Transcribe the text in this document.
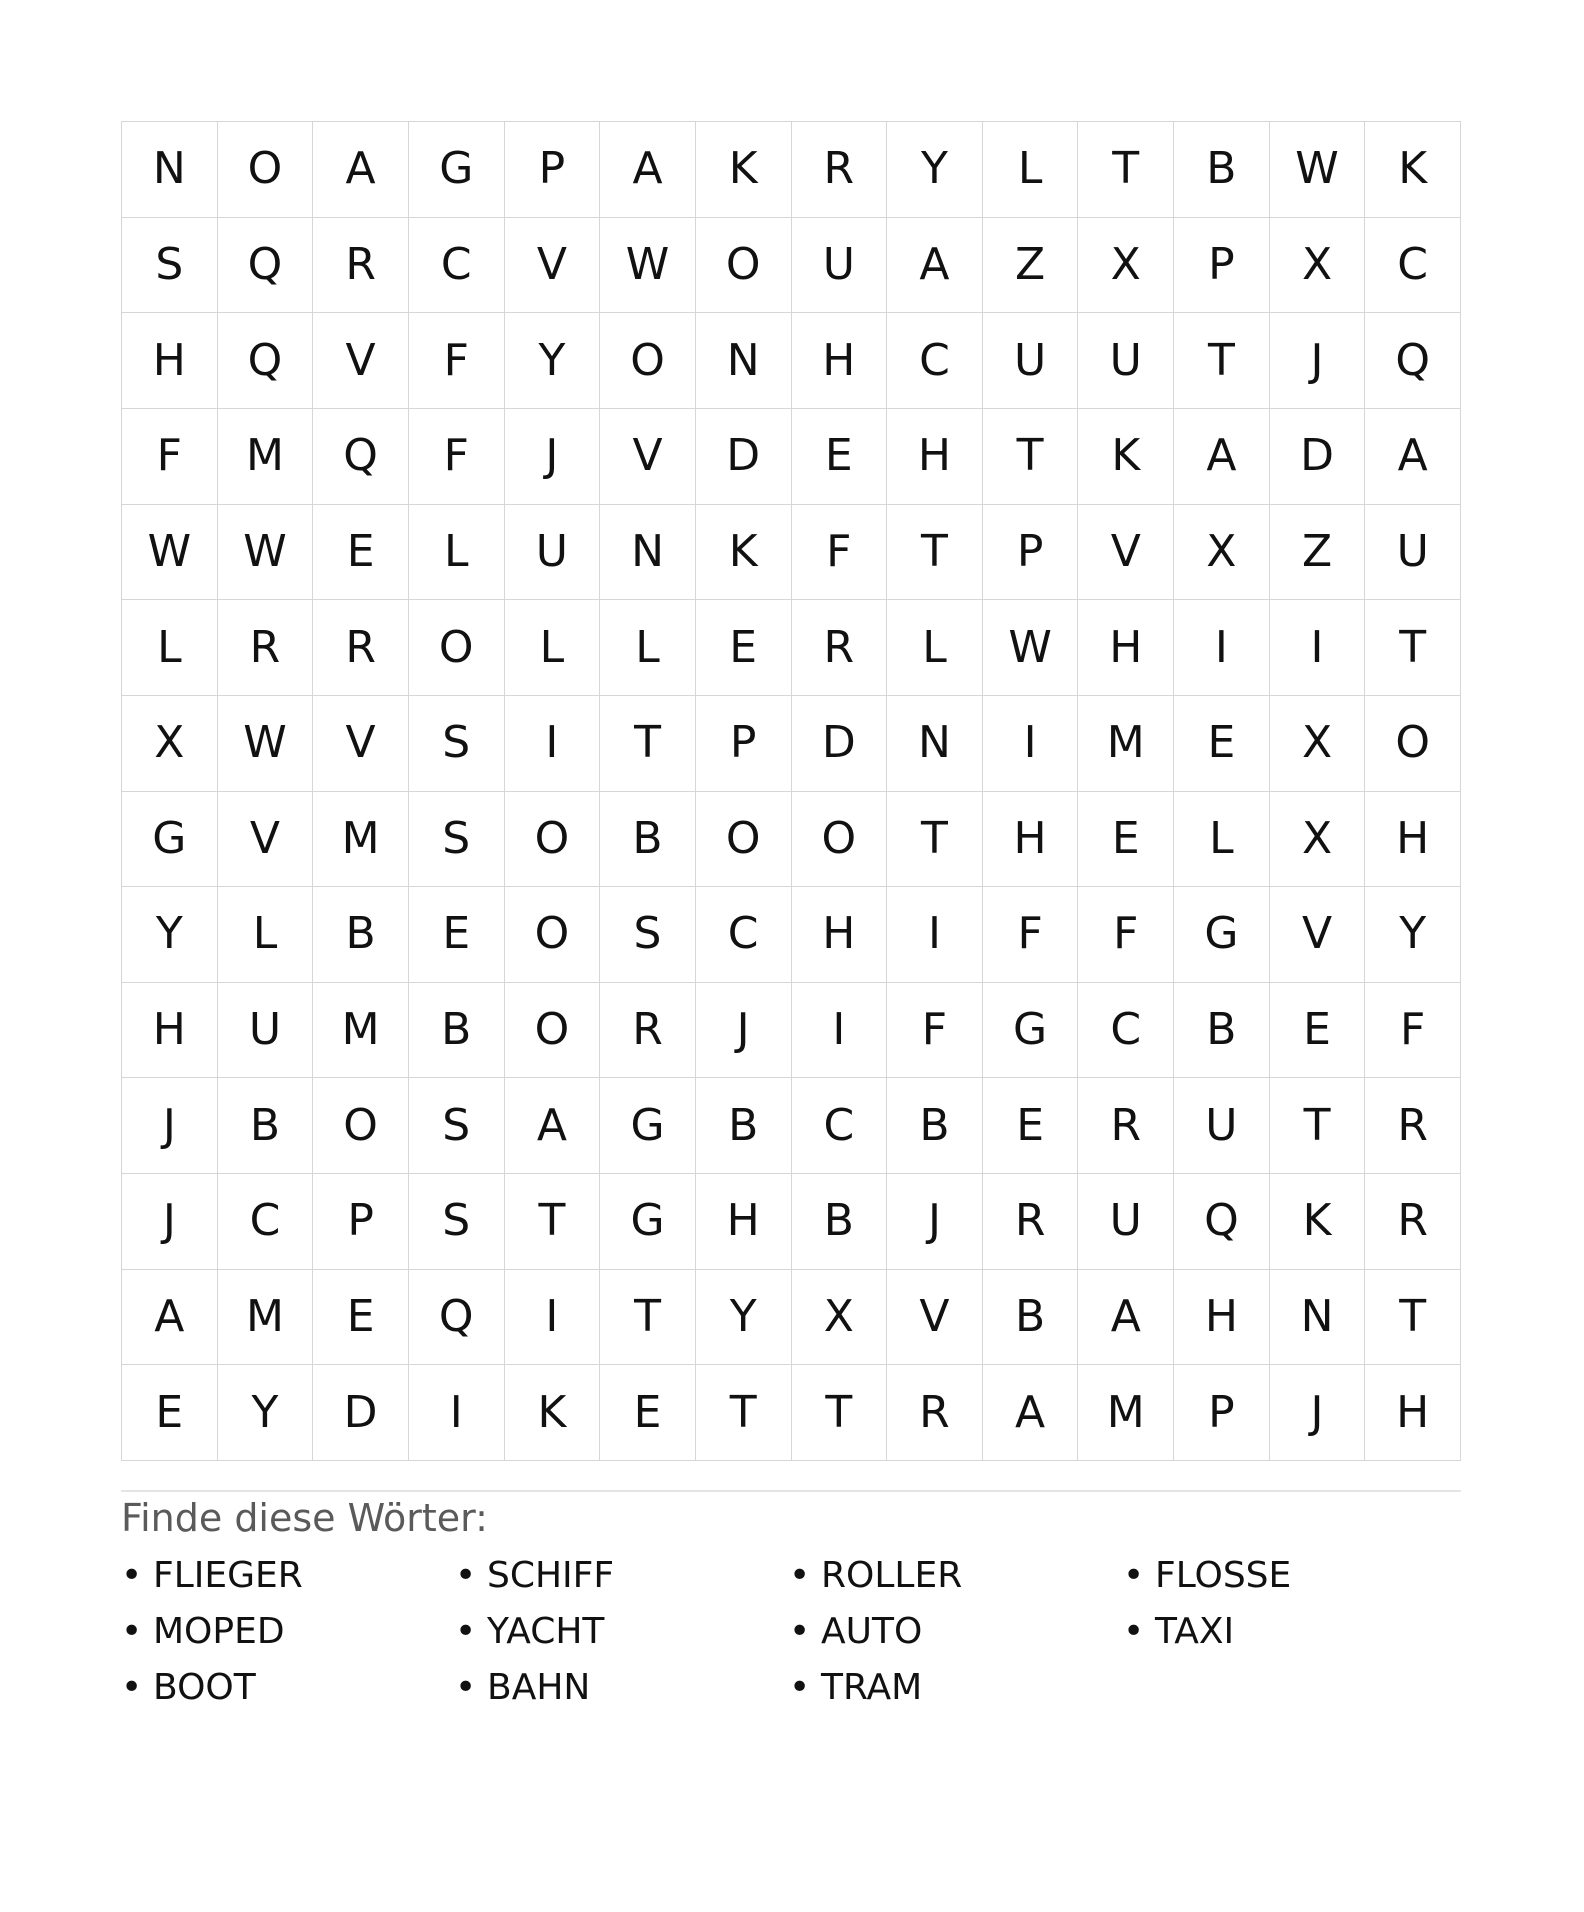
N	O	A	G	P	A	K	R	Y	L	T	B	W	K
S	Q	R	C	V	W	O	U	A	Z	X	P	X	C
H	Q	V	F	Y	O	N	H	C	U	U	T	J	Q
F	M	Q	F	J	V	D	E	H	T	K	A	D	A
W	W	E	L	U	N	K	F	T	P	V	X	Z	U
L	R	R	O	L	L	E	R	L	W	H	I	I	T
X	W	V	S	I	T	P	D	N	I	M	E	X	O
G	V	M	S	O	B	O	O	T	H	E	L	X	H
Y	L	B	E	O	S	C	H	I	F	F	G	V	Y
H	U	M	B	O	R	J	I	F	G	C	B	E	F
J	B	O	S	A	G	B	C	B	E	R	U	T	R
J	C	P	S	T	G	H	B	J	R	U	Q	K	R
A	M	E	Q	I	T	Y	X	V	B	A	H	N	T
E	Y	D	I	K	E	T	T	R	A	M	P	J	H
Finde diese Wörter:
• FLIEGER
• MOPED
• BOOT
• SCHIFF
• YACHT
• BAHN
• ROLLER
• AUTO
• TRAM
• FLOSSE
• TAXI
